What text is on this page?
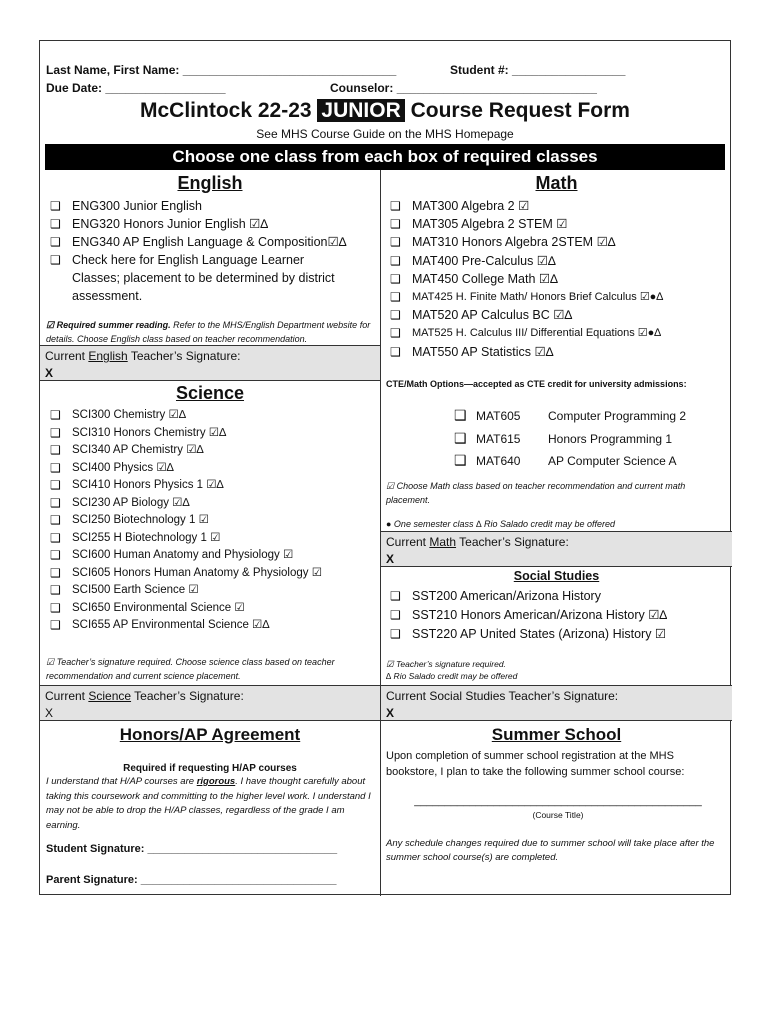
Last Name, First Name: ________________________________	Student #: _________________
Due Date: __________________	Counselor: ______________________________
McClintock 22-23 JUNIOR Course Request Form
See MHS Course Guide on the MHS Homepage
Choose one class from each box of required classes
English
❑ ENG300 Junior English
❑ ENG320 Honors Junior English ☑∆
❑ ENG340 AP English Language & Composition☑∆
❑ Check here for English Language Learner
Classes; placement to be determined by district
assessment.
☑ Required summer reading. Refer to the MHS/English Department website for details. Choose English class based on teacher recommendation.
Current English Teacher’s Signature:
X
Science
❑ SCI300 Chemistry ☑∆
❑ SCI310 Honors Chemistry ☑∆
❑ SCI340 AP Chemistry ☑∆
❑ SCI400 Physics ☑∆
❑ SCI410 Honors Physics 1 ☑∆
❑ SCI230 AP Biology ☑∆
❑ SCI250 Biotechnology 1 ☑
❑ SCI255 H Biotechnology 1 ☑
❑ SCI600 Human Anatomy and Physiology ☑
❑ SCI605 Honors Human Anatomy & Physiology ☑
❑ SCI500 Earth Science ☑
❑ SCI650 Environmental Science ☑
❑ SCI655 AP Environmental Science ☑∆
☑ Teacher’s signature required. Choose science class based on teacher recommendation and current science placement.
Current Science Teacher’s Signature:
X
Math
❑ MAT300 Algebra 2 ☑
❑ MAT305 Algebra 2 STEM ☑
❑ MAT310 Honors Algebra 2STEM ☑∆
❑ MAT400 Pre-Calculus ☑∆
❑ MAT450 College Math ☑∆
❑ MAT425 H. Finite Math/ Honors Brief Calculus ☑●∆
❑ MAT520 AP Calculus BC ☑∆
❑ MAT525 H. Calculus III/ Differential Equations ☑●∆
❑ MAT550 AP Statistics ☑∆
CTE/Math Options—accepted as CTE credit for university admissions:
❑ MAT605 Computer Programming 2
❑ MAT615 Honors Programming 1
❑ MAT640 AP Computer Science A
☑ Choose Math class based on teacher recommendation and current math placement.
● One semester class ∆ Rio Salado credit may be offered
Current Math Teacher’s Signature:
X
Social Studies
❑ SST200 American/Arizona History
❑ SST210 Honors American/Arizona History ☑∆
❑ SST220 AP United States (Arizona) History ☑
☑ Teacher’s signature required.
∆ Rio Salado credit may be offered
Current Social Studies Teacher’s Signature:
X
Honors/AP Agreement
Required if requesting H/AP courses
I understand that H/AP courses are rigorous. I have thought carefully about taking this coursework and committing to the higher level work. I understand I may not be able to drop the H/AP classes, regardless of the grade I am earning.
Student Signature: _______________________________
Parent Signature: ________________________________
Summer School
Upon completion of summer school registration at the MHS bookstore, I plan to take the following summer school course:
_______________________________________________
(Course Title)
Any schedule changes required due to summer school will take place after the summer school course(s) are completed.
